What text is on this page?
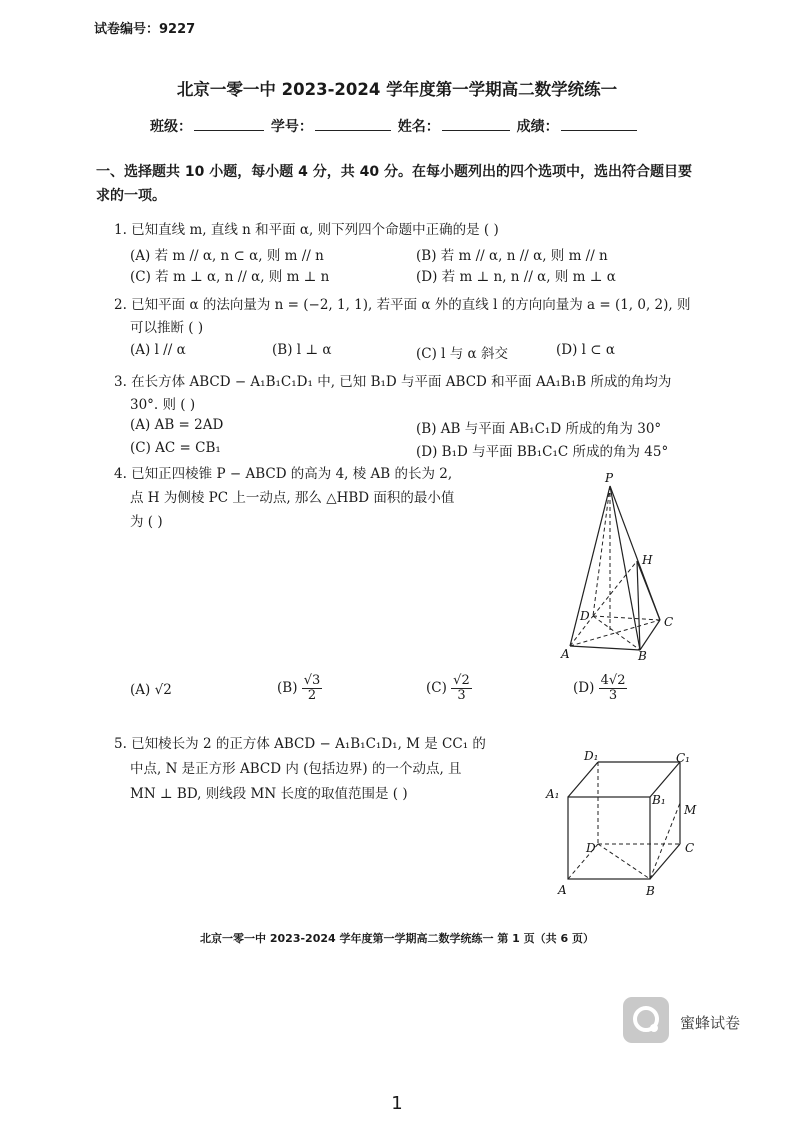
试卷编号：9227
北京一零一中 2023-2024 学年度第一学期高二数学统练一
班级：	学号：	姓名：	成绩：
一、选择题共 10 小题，每小题 4 分，共 40 分。在每小题列出的四个选项中，选出符合题目要求的一项。
1. 已知直线 m, 直线 n 和平面 α, 则下列四个命题中正确的是 ( )
(A) 若 m // α, n ⊂ α, 则 m // n	(B) 若 m // α, n // α, 则 m // n
(C) 若 m ⊥ α, n // α, 则 m ⊥ n	(D) 若 m ⊥ n, n // α, 则 m ⊥ α
2. 已知平面 α 的法向量为 n = (−2, 1, 1), 若平面 α 外的直线 l 的方向向量为 a = (1, 0, 2), 则
可以推断 ( )
(A) l // α	(B) l ⊥ α	(C) l 与 α 斜交	(D) l ⊂ α
3. 在长方体 ABCD − A₁B₁C₁D₁ 中, 已知 B₁D 与平面 ABCD 和平面 AA₁B₁B 所成的角均为
30°. 则 ( )
(A) AB = 2AD	(B) AB 与平面 AB₁C₁D 所成的角为 30°
(C) AC = CB₁	(D) B₁D 与平面 BB₁C₁C 所成的角为 45°
4. 已知正四棱锥 P − ABCD 的高为 4, 棱 AB 的长为 2,
点 H 为侧棱 PC 上一动点, 那么 △HBD 面积的最小值
为 ( )
P
H
D	C
A	B
(A) √2	$(B) \frac{√3}{2}$	$(C) \frac{√2}{3}$	$(D) \frac{4√2}{3}$
5. 已知棱长为 2 的正方体 ABCD − A₁B₁C₁D₁, M 是 CC₁ 的
中点, N 是正方形 ABCD 内 (包括边界) 的一个动点, 且
MN ⊥ BD, 则线段 MN 长度的取值范围是 ( )
D₁	C₁
A₁	B₁
M
D	C
A	B
北京一零一中 2023-2024 学年度第一学期高二数学统练一 第 1 页（共 6 页）
蜜蜂试卷
1
